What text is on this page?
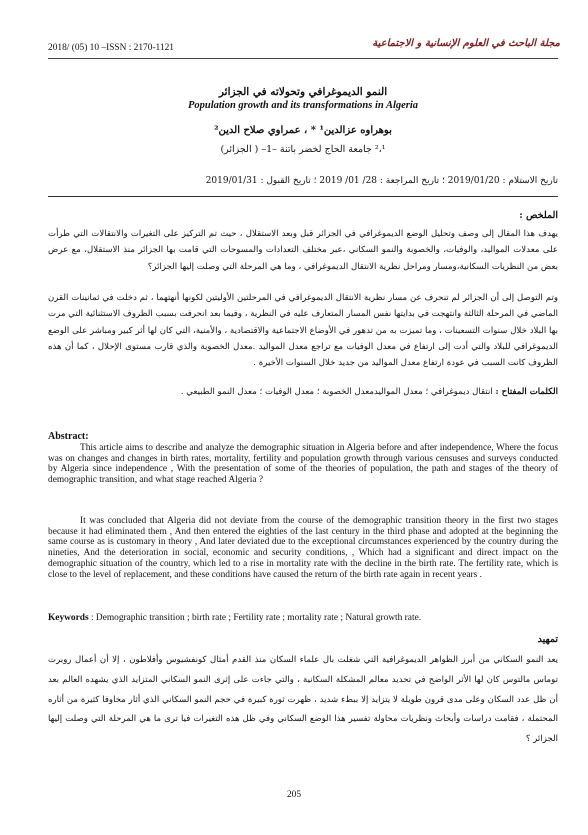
2018/ (05) 10 –ISSN : 2170-1121	مجلة الباحث في العلوم الإنسانية و الاجتماعية
النمو الديموغرافي وتحولاته في الجزائر
Population growth and its transformations in Algeria
بوهراوه عزالدين¹ * ، عمراوي صلاح الدين²
²،¹ جامعة الحاج لخضر باتنة –1– ( الجزائر)
تاريخ الاستلام : 2019/01/20 ؛ تاريخ المراجعة : 28/ 01/ 2019 ؛ تاريخ القبول : 2019/01/31
الملخص :
يهدف هذا المقال إلى وصف وتحليل الوضع الديموغرافي في الجزائر قبل وبعد الاستقلال ، حيث تم التركيز على التغيرات والانتقالات التي طرأت على معدلات المواليد، والوفيات، والخصوبة والنمو السكاني ،عبر مختلف التعدادات والمسوحات التي قامت بها الجزائر منذ الاستقلال، مع عرض بعض من النظريات السكانية،ومسار ومراحل نظرية الانتقال الديموغرافي ، وما هي المرحلة التي وصلت إليها الجزائر؟
وتم التوصل إلى أن الجزائر لم تنحرف عن مسار نظرية الانتقال الديموغرافي في المرحلتين الأوليتين لكونها أنهتهما ، ثم دخلت في ثمانينات القرن الماضي في المرحلة الثالثة وانتهجت في بدايتها نفس المسار المتعارف عليه في النظرية ، وفيما بعد انحرفت بسبب الظروف الاستثنائية التي مرت بها البلاد خلال سنوات التسعينات ، وما تميزت به من تدهور في الأوضاع الاجتماعية والاقتصادية ، والأمنية، التي كان لها أثر كبير ومباشر على الوضع الديموغرافي للبلاد والتي أدت إلى ارتفاع في معدل الوفيات مع تراجع معدل المواليد .معدل الخصوبة والذي قارب مستوى الإحلال ، كما أن هذه الظروف كانت السبب في عودة ارتفاع معدل المواليد من جديد خلال السنوات الأخيرة .
الكلمات المفتاح : انتقال ديموغرافي ؛ معدل المواليدمعدل الخصوبة ؛ معدل الوفيات ؛ معدل النمو الطبيعي .
Abstract:
This article aims to describe and analyze the demographic situation in Algeria before and after independence, Where the focus was on changes and changes in birth rates, mortality, fertility and population growth through various censuses and surveys conducted by Algeria since independence , With the presentation of some of the theories of population, the path and stages of the theory of demographic transition, and what stage reached Algeria ?
It was concluded that Algeria did not deviate from the course of the demographic transition theory in the first two stages because it had eliminated them , And then entered the eighties of the last century in the third phase and adopted at the beginning the same course as is customary in theory , And later deviated due to the exceptional circumstances experienced by the country during the nineties, And the deterioration in social, economic and security conditions, , Which had a significant and direct impact on the demographic situation of the country, which led to a rise in mortality rate with the decline in the birth rate. The fertility rate, which is close to the level of replacement, and these conditions have caused the return of the birth rate again in recent years .
Keywords : Demographic transition ; birth rate ; Fertility rate ; mortality rate ; Natural growth rate.
تمهيد
يعد النمو السكاني من أبرز الظواهر الديموغرافية التي شغلت بال علماء السكان منذ القدم أمثال كونفشيوس وأفلاطون ، إلا أن أعمال روبرت توماس مالتوس كان لها الأثر الواضح في تحديد معالم المشكلة السكانية ، والتي جاءت على إثرى النمو السكاني المتزايد الذي يشهده العالم بعد أن ظل عدد السكان وعلى مدى قرون طويلة لا يتزايد إلا ببطء شديد ، ظهرت ثورة كبيرة في حجم النمو السكاني الذي أثار مخاوفا كثيرة من أثاره المحتملة ، فقامت دراسات وأبحاث ونظريات محاولة تفسير هذا الوضع السكاني وفي ظل هذه التغيرات فيا ترى ما هي المرحلة التي وصلت إليها الجزائر ؟
205
